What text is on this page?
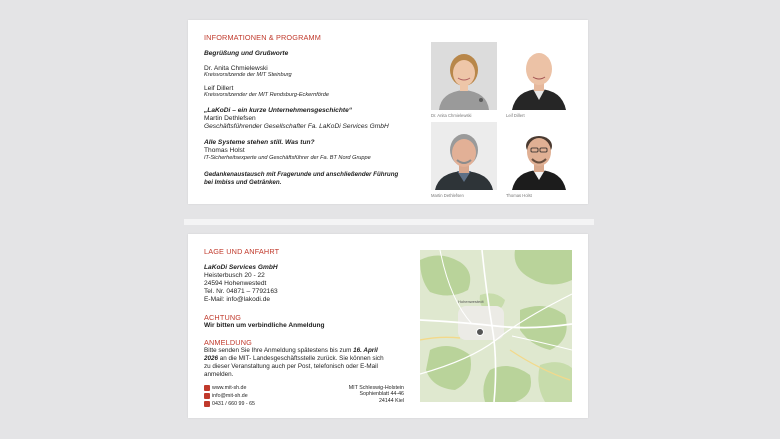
INFORMATIONEN & PROGRAMM
Begrüßung und Grußworte
Dr. Anita Chmielewski
Kreisvorsitzende der MIT Steinburg
Leif Dillert
Kreisvorsitzender der MIT Rendsburg-Eckernförde
„LaKoDi – ein kurze Unternehmensgeschichte“
Martin Dethlefsen
Geschäftsführender Gesellschafter Fa. LaKoDi Services GmbH
Alle Systeme stehen still. Was tun?
Thomas Holst
IT-Sicherheitsexperte und Geschäftsführer der Fa. BT Nord Gruppe
Gedankenaustausch mit Fragerunde und anschließender Führung
bei Imbiss und Getränken.
Dr. Anita Chmielewski	Leif Dillert
Martin Dethlefsen	Thomas Holst
LAGE UND ANFAHRT
LaKoDi Services GmbH
Heisterbusch 20 - 22
24594 Hohenwestedt
Tel. Nr. 04871 – 7792163
E-Mail: info@lakodi.de
ACHTUNG
Wir bitten um verbindliche Anmeldung
ANMELDUNG
Bitte senden Sie Ihre Anmeldung spätestens bis zum 16. April
2026 an die MIT- Landesgeschäftsstelle zurück. Sie können sich
zu dieser Veranstaltung auch per Post, telefonisch oder E-Mail
anmelden.
www.mit-sh.de
info@mit-sh.de
0431 / 660 99 - 65
MIT Schleswig-Holstein
Sophienblatt 44-46
24144 Kiel
Hohenwestedt
